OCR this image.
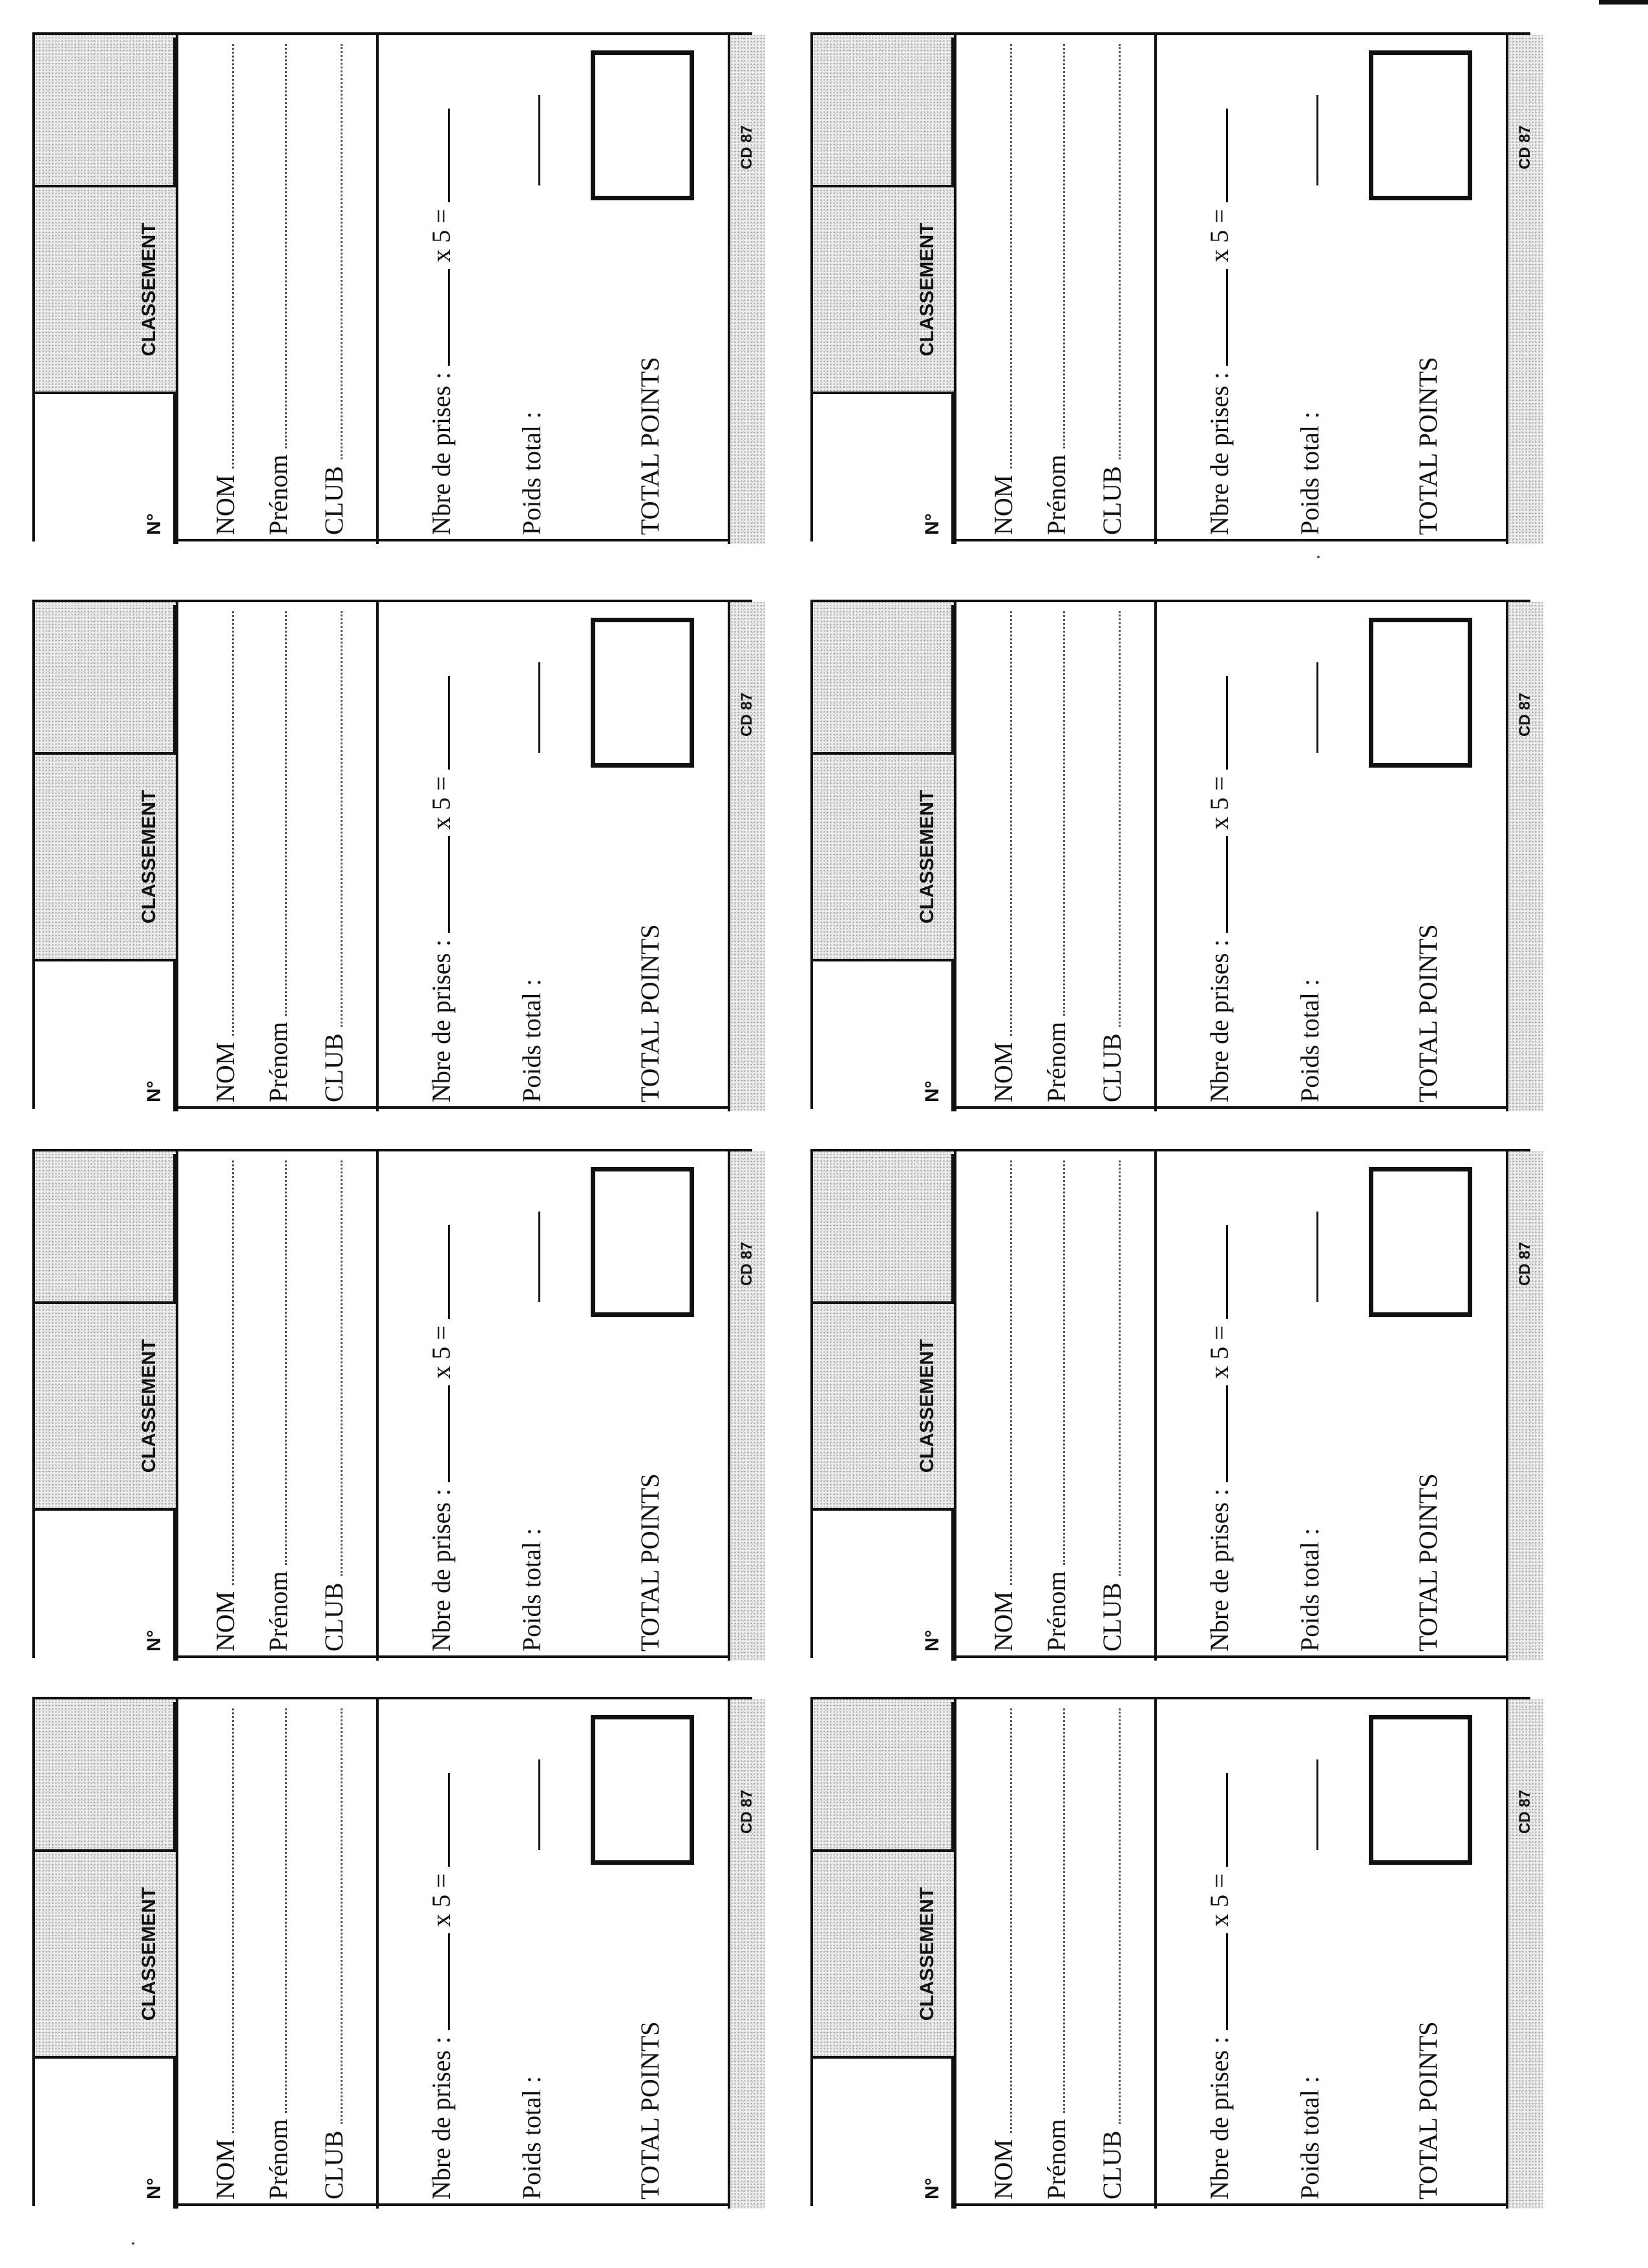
N°
CLASSEMENT
NOM Prénom CLUB	Nbre de prises :
x 5 =
Poids total :	TOTAL POINTS
CD 87
N°
CLASSEMENT
NOM Prénom CLUB	Nbre de prises :
x 5 =
Poids total :	TOTAL POINTS
CD 87
N°
CLASSEMENT
NOM Prénom CLUB	Nbre de prises :
x 5 =
Poids total :	TOTAL POINTS
CD 87
N°
CLASSEMENT
NOM Prénom CLUB	Nbre de prises :
x 5 =
Poids total :	TOTAL POINTS
CD 87
N°
CLASSEMENT
NOM Prénom CLUB	Nbre de prises :
x 5 =
Poids total :	TOTAL POINTS
CD 87
N°
CLASSEMENT
NOM Prénom CLUB	Nbre de prises :
x 5 =
Poids total :	TOTAL POINTS
CD 87
N°
CLASSEMENT
NOM Prénom CLUB	Nbre de prises :
x 5 =
Poids total :	TOTAL POINTS
CD 87
N°
CLASSEMENT
NOM Prénom CLUB	Nbre de prises :
x 5 =
Poids total :	TOTAL POINTS
CD 87
